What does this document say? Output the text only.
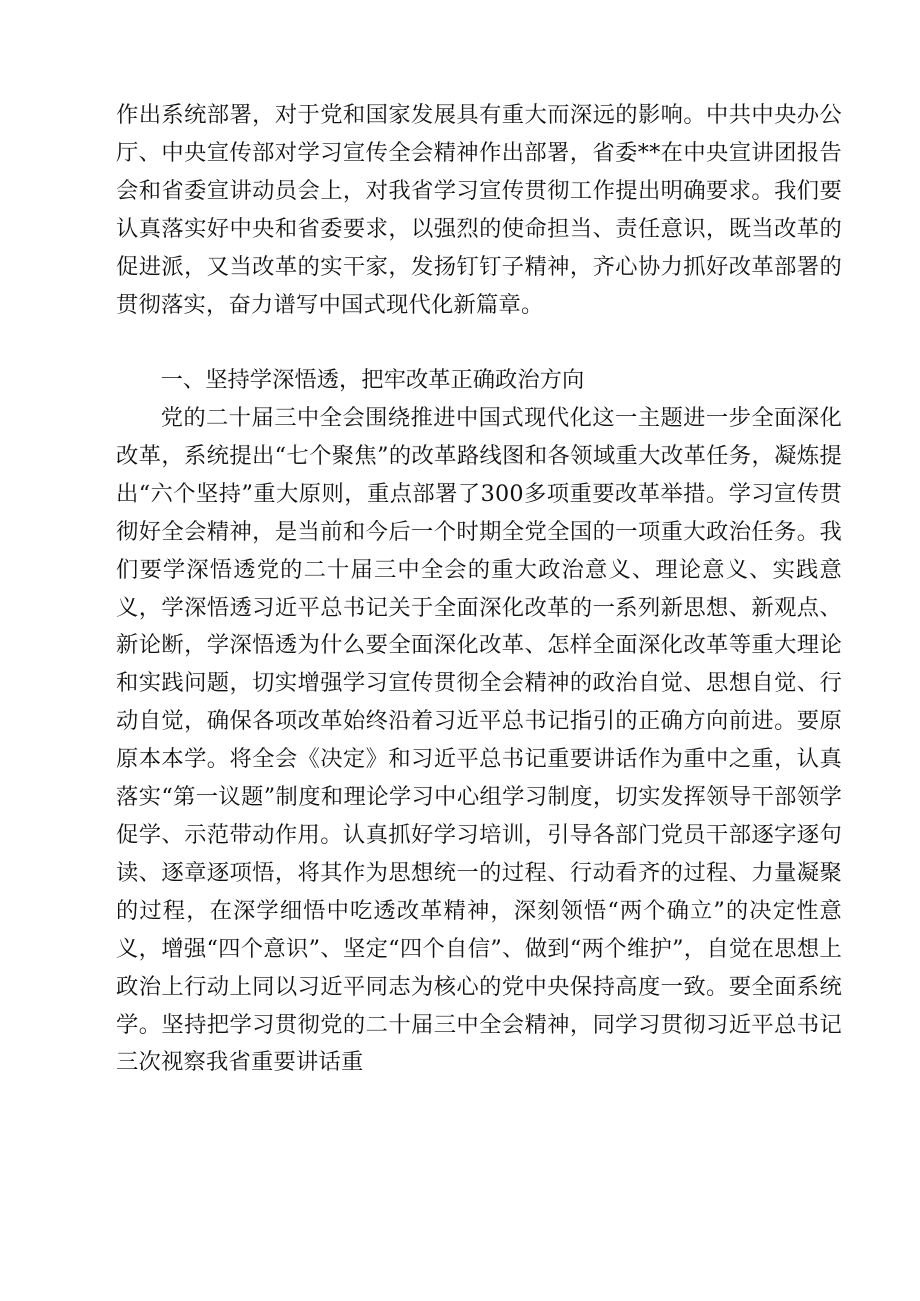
作出系统部署，对于党和国家发展具有重大而深远的影响。中共中央办公厅、中央宣传部对学习宣传全会精神作出部署，省委**在中央宣讲团报告会和省委宣讲动员会上，对我省学习宣传贯彻工作提出明确要求。我们要认真落实好中央和省委要求，以强烈的使命担当、责任意识，既当改革的促进派，又当改革的实干家，发扬钉钉子精神，齐心协力抓好改革部署的贯彻落实，奋力谱写中国式现代化新篇章。

一、坚持学深悟透，把牢改革正确政治方向

党的二十届三中全会围绕推进中国式现代化这一主题进一步全面深化改革，系统提出“七个聚焦”的改革路线图和各领域重大改革任务，凝炼提出“六个坚持”重大原则，重点部署了300多项重要改革举措。学习宣传贯彻好全会精神，是当前和今后一个时期全党全国的一项重大政治任务。我们要学深悟透党的二十届三中全会的重大政治意义、理论意义、实践意义，学深悟透习近平总书记关于全面深化改革的一系列新思想、新观点、新论断，学深悟透为什么要全面深化改革、怎样全面深化改革等重大理论和实践问题，切实增强学习宣传贯彻全会精神的政治自觉、思想自觉、行动自觉，确保各项改革始终沿着习近平总书记指引的正确方向前进。要原原本本学。将全会《决定》和习近平总书记重要讲话作为重中之重，认真落实“第一议题”制度和理论学习中心组学习制度，切实发挥领导干部领学促学、示范带动作用。认真抓好学习培训，引导各部门党员干部逐字逐句读、逐章逐项悟，将其作为思想统一的过程、行动看齐的过程、力量凝聚的过程，在深学细悟中吃透改革精神，深刻领悟“两个确立”的决定性意义，增强“四个意识”、坚定“四个自信”、做到“两个维护”，自觉在思想上政治上行动上同以习近平同志为核心的党中央保持高度一致。要全面系统学。坚持把学习贯彻党的二十届三中全会精神，同学习贯彻习近平总书记三次视察我省重要讲话重
